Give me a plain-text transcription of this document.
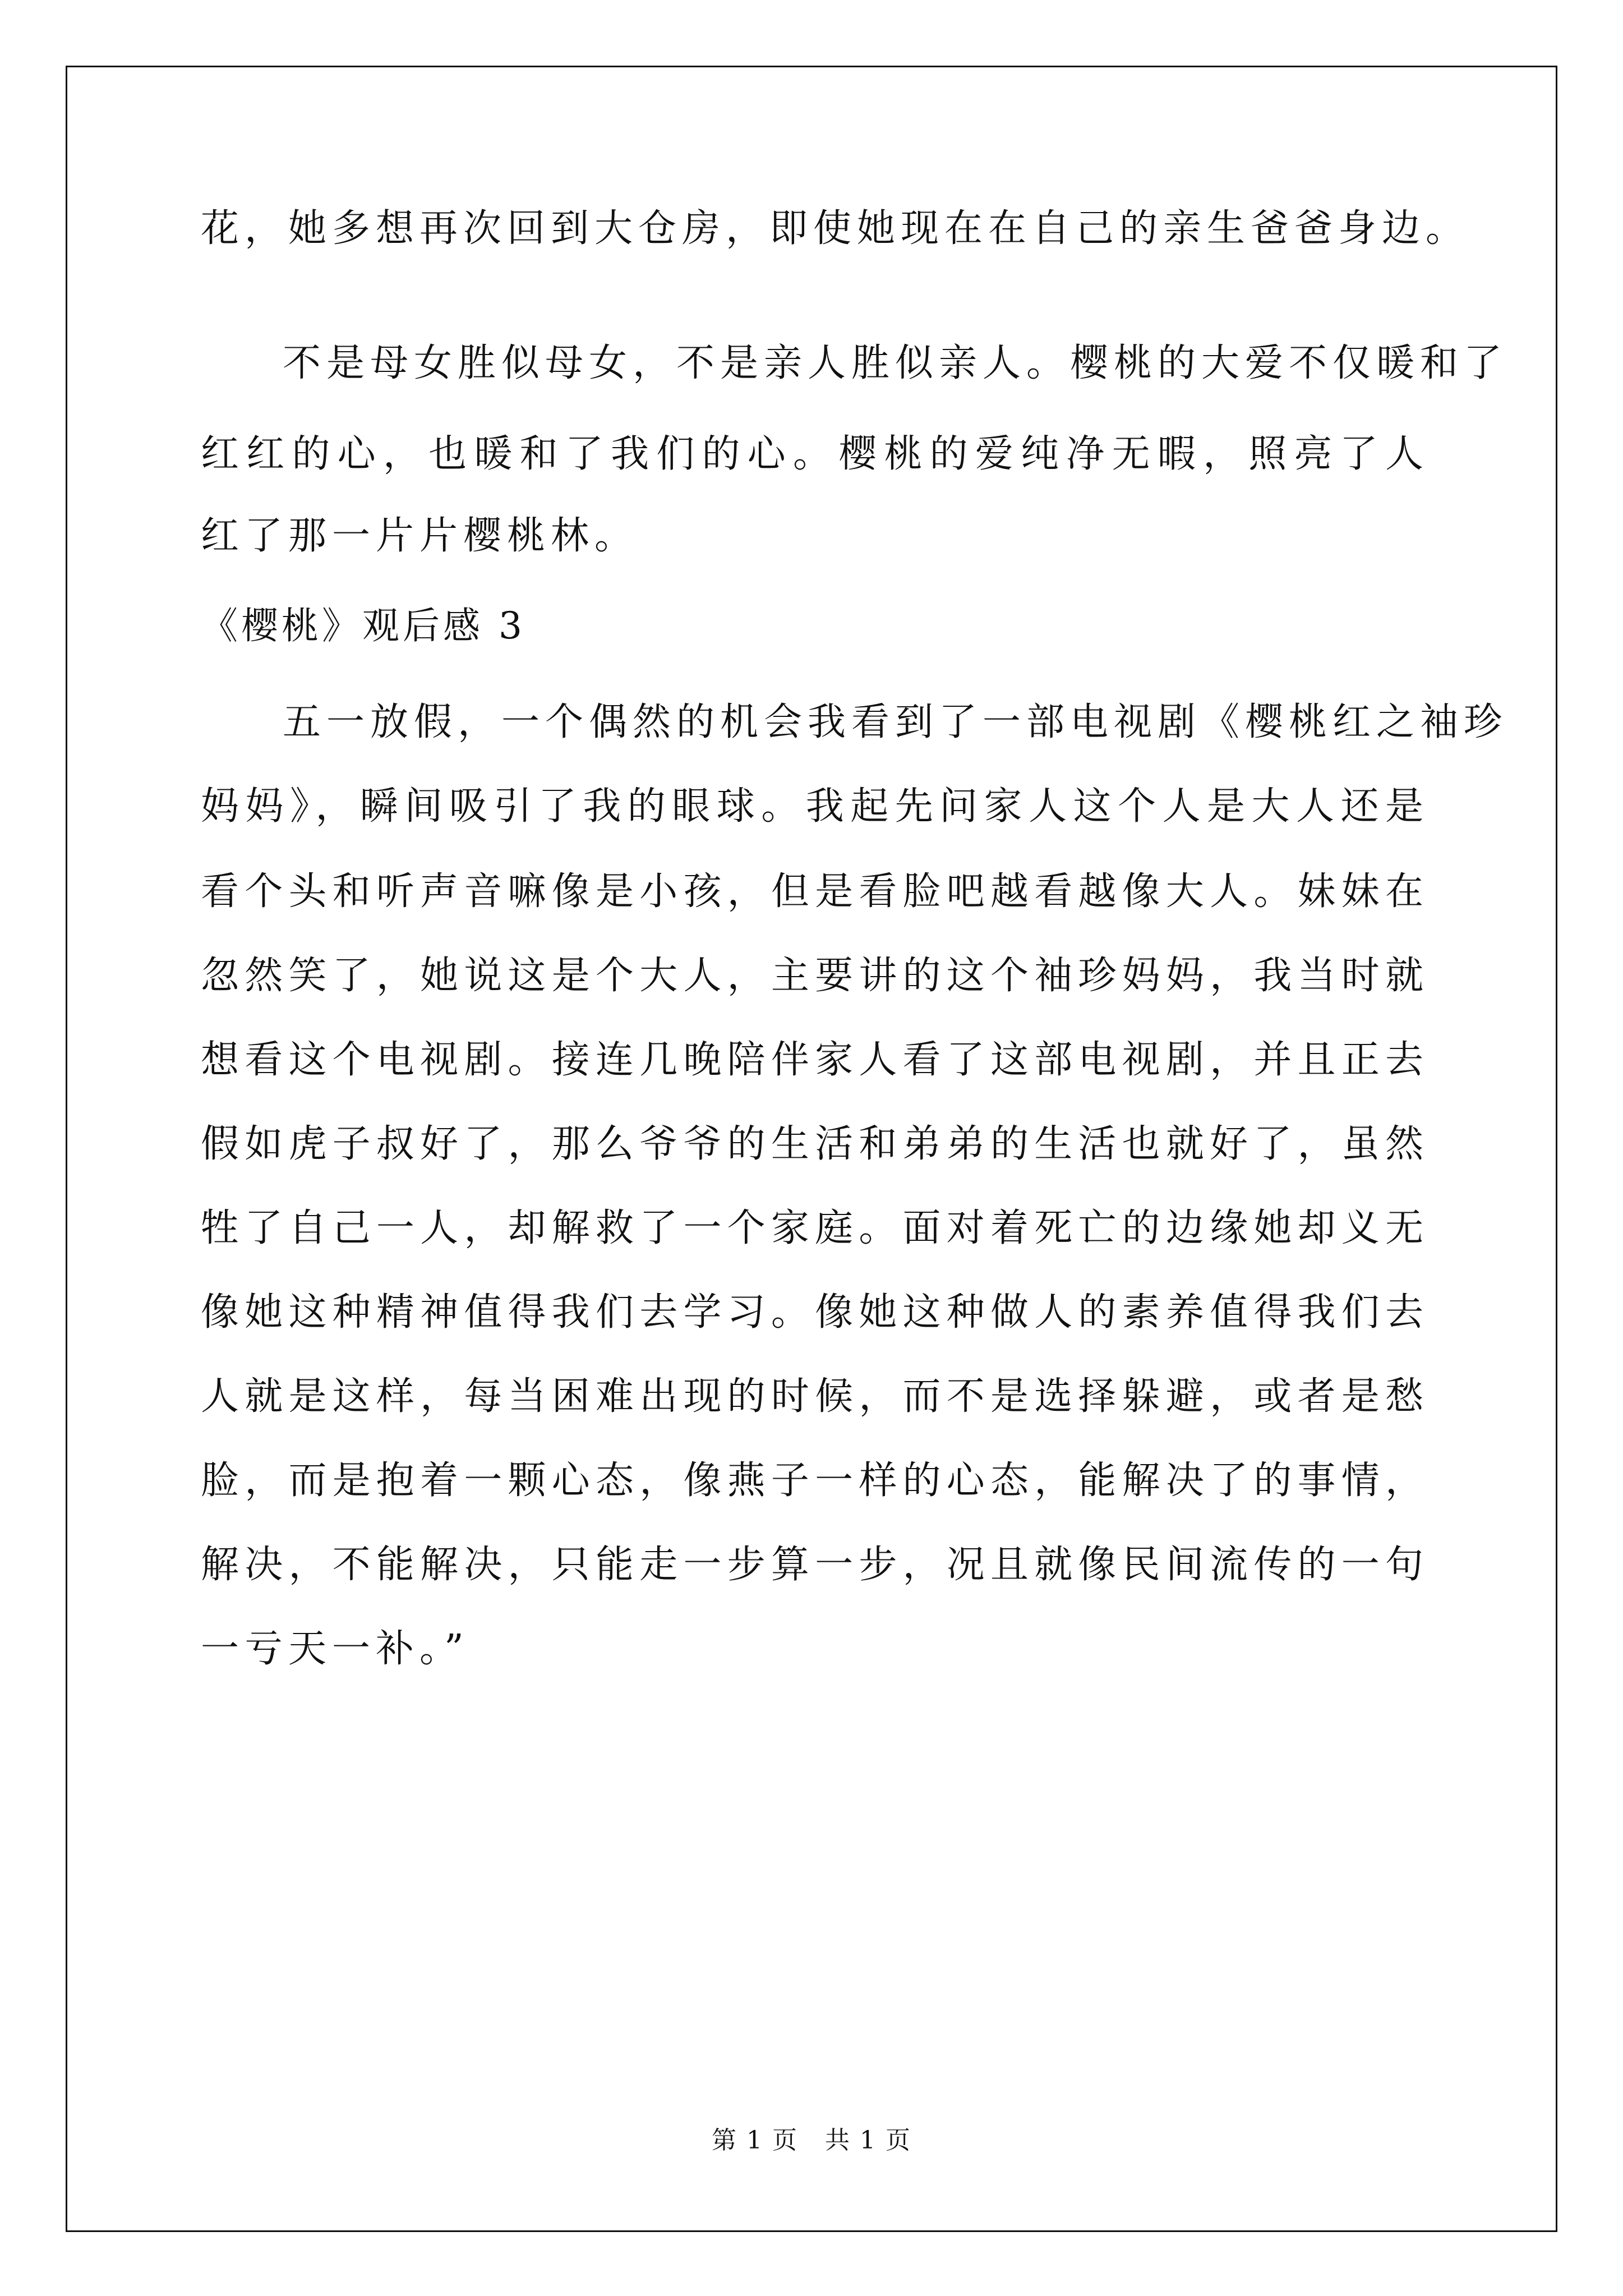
花，她多想再次回到大仓房，即使她现在在自己的亲生爸爸身边。
不是母女胜似母女，不是亲人胜似亲人。樱桃的大爱不仅暖和了
红红的心，也暖和了我们的心。樱桃的爱纯净无暇，照亮了人
红了那一片片樱桃林。
《樱桃》观后感 3
五一放假，一个偶然的机会我看到了一部电视剧《樱桃红之袖珍
妈妈》，瞬间吸引了我的眼球。我起先问家人这个人是大人还是
看个头和听声音嘛像是小孩，但是看脸吧越看越像大人。妹妹在
忽然笑了，她说这是个大人，主要讲的这个袖珍妈妈，我当时就
想看这个电视剧。接连几晚陪伴家人看了这部电视剧，并且正去
假如虎子叔好了，那么爷爷的生活和弟弟的生活也就好了，虽然
牲了自己一人，却解救了一个家庭。面对着死亡的边缘她却义无
像她这种精神值得我们去学习。像她这种做人的素养值得我们去
人就是这样，每当困难出现的时候，而不是选择躲避，或者是愁
脸，而是抱着一颗心态，像燕子一样的心态，能解决了的事情，
解决，不能解决，只能走一步算一步，况且就像民间流传的一句
一亏天一补。”
第 1 页   共 1 页
